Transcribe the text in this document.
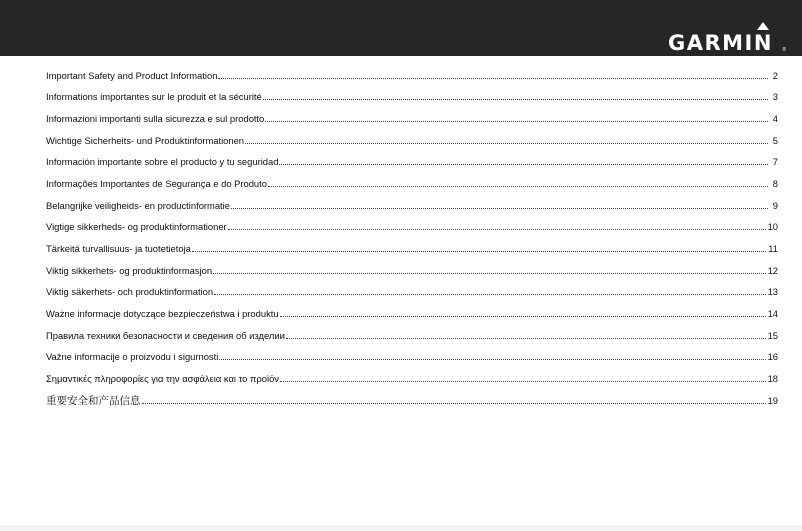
GARMIN ®
Important Safety and Product Information	2
Informations importantes sur le produit et la sécurité	3
Informazioni importanti sulla sicurezza e sul prodotto	4
Wichtige Sicherheits- und Produktinformationen	5
Información importante sobre el producto y tu seguridad	7
Informações Importantes de Segurança e do Produto	8
Belangrijke veiligheids- en productinformatie	9
Vigtige sikkerheds- og produktinformationer	10
Tärkeitä turvallisuus- ja tuotetietoja	11
Viktig sikkerhets- og produktinformasjon	12
Viktig säkerhets- och produktinformation	13
Ważne informacje dotyczące bezpieczeństwa i produktu	14
Правила техники безопасности и сведения об изделии	15
Važne informacije o proizvodu i sigurnosti	16
Σημαντικές πληροφορίες για την ασφάλεια και το προϊόν	18
重要安全和产品信息	19
